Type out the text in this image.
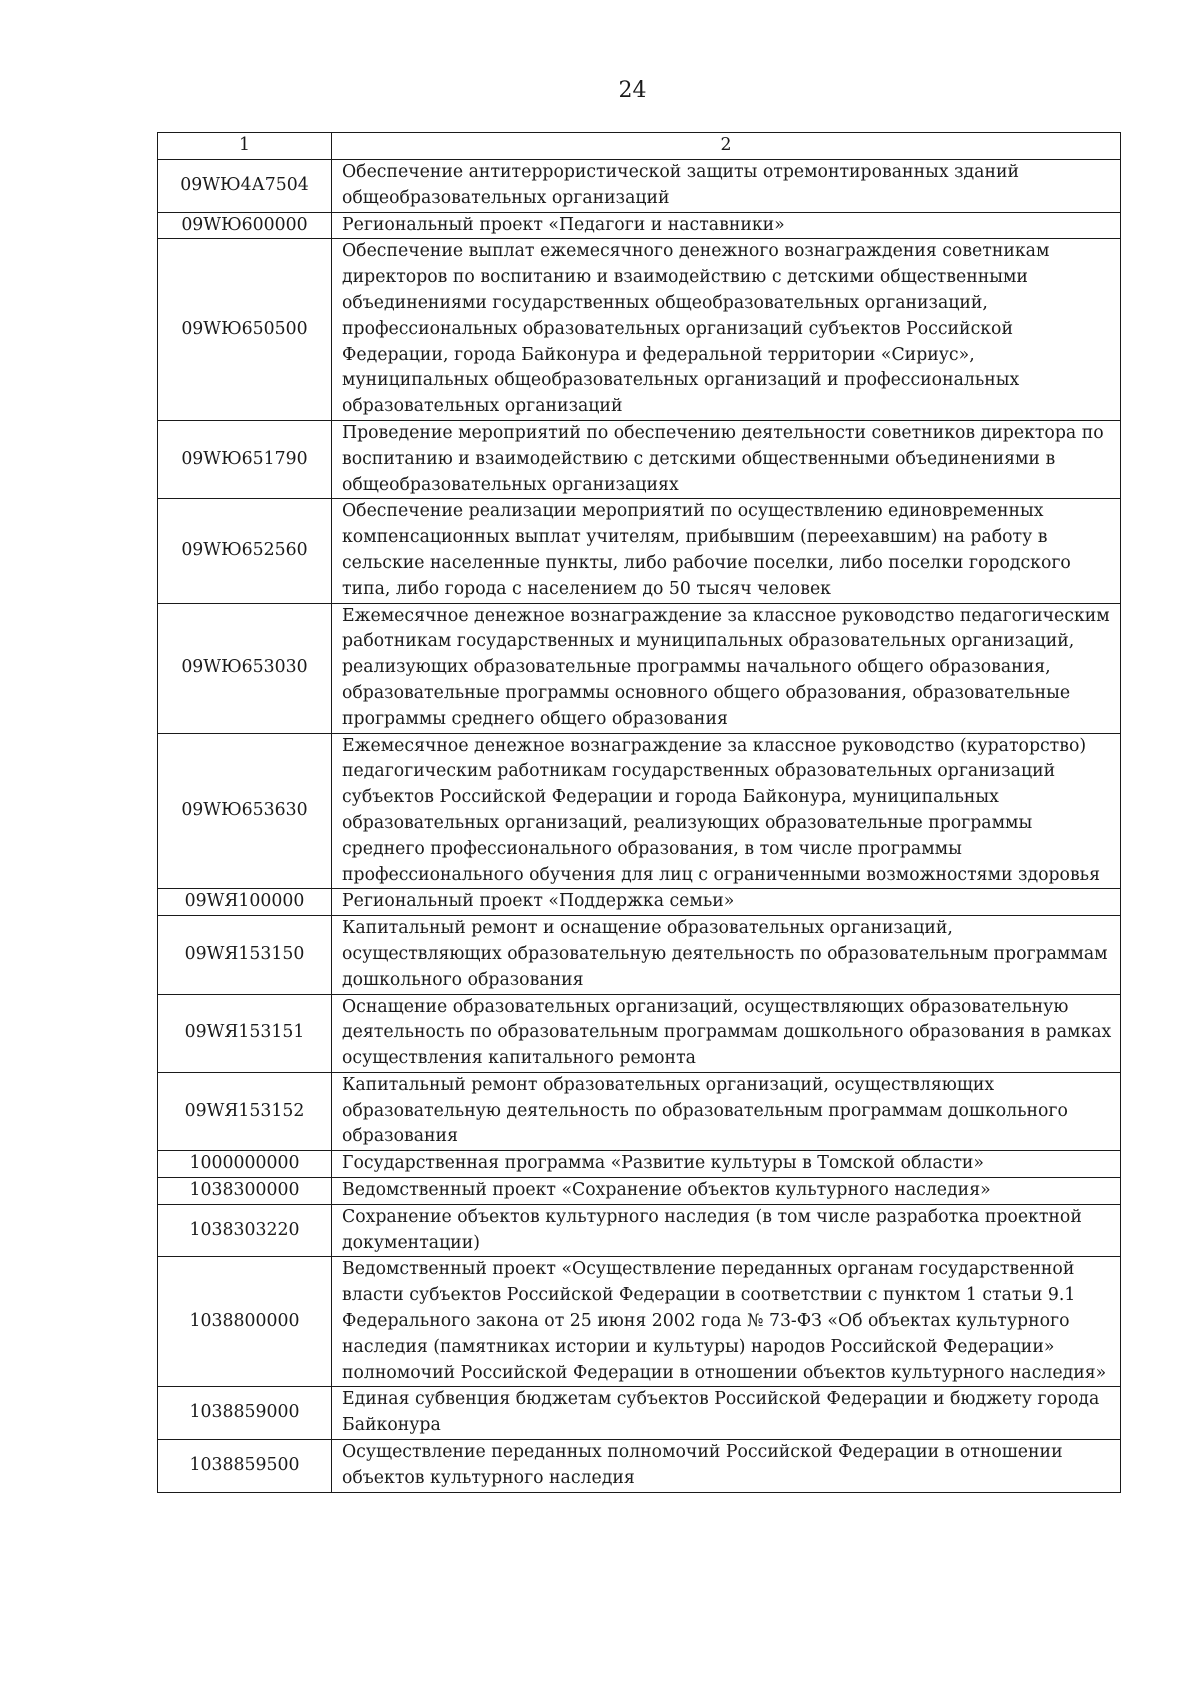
24
1	2
09WЮ4А7504	Обеспечение антитеррористической защиты отремонтированных зданий общеобразовательных организаций
09WЮ600000	Региональный проект «Педагоги и наставники»
09WЮ650500	Обеспечение выплат ежемесячного денежного вознаграждения советникам директоров по воспитанию и взаимодействию с детскими общественными объединениями государственных общеобразовательных организаций, профессиональных образовательных организаций субъектов Российской Федерации, города Байконура и федеральной территории «Сириус», муниципальных общеобразовательных организаций и профессиональных образовательных организаций
09WЮ651790	Проведение мероприятий по обеспечению деятельности советников директора по воспитанию и взаимодействию с детскими общественными объединениями в общеобразовательных организациях
09WЮ652560	Обеспечение реализации мероприятий по осуществлению единовременных компенсационных выплат учителям, прибывшим (переехавшим) на работу в сельские населенные пункты, либо рабочие поселки, либо поселки городского типа, либо города с населением до 50 тысяч человек
09WЮ653030	Ежемесячное денежное вознаграждение за классное руководство педагогическим работникам государственных и муниципальных образовательных организаций, реализующих образовательные программы начального общего образования, образовательные программы основного общего образования, образовательные программы среднего общего образования
09WЮ653630	Ежемесячное денежное вознаграждение за классное руководство (кураторство) педагогическим работникам государственных образовательных организаций субъектов Российской Федерации и города Байконура, муниципальных образовательных организаций, реализующих образовательные программы среднего профессионального образования, в том числе программы профессионального обучения для лиц с ограниченными возможностями здоровья
09WЯ100000	Региональный проект «Поддержка семьи»
09WЯ153150	Капитальный ремонт и оснащение образовательных организаций, осуществляющих образовательную деятельность по образовательным программам дошкольного образования
09WЯ153151	Оснащение образовательных организаций, осуществляющих образовательную деятельность по образовательным программам дошкольного образования в рамках осуществления капитального ремонта
09WЯ153152	Капитальный ремонт образовательных организаций, осуществляющих образовательную деятельность по образовательным программам дошкольного образования
1000000000	Государственная программа «Развитие культуры в Томской области»
1038300000	Ведомственный проект «Сохранение объектов культурного наследия»
1038303220	Сохранение объектов культурного наследия (в том числе разработка проектной документации)
1038800000	Ведомственный проект «Осуществление переданных органам государственной власти субъектов Российской Федерации в соответствии с пунктом 1 статьи 9.1 Федерального закона от 25 июня 2002 года № 73-ФЗ «Об объектах культурного наследия (памятниках истории и культуры) народов Российской Федерации» полномочий Российской Федерации в отношении объектов культурного наследия»
1038859000	Единая субвенция бюджетам субъектов Российской Федерации и бюджету города Байконура
1038859500	Осуществление переданных полномочий Российской Федерации в отношении объектов культурного наследия
